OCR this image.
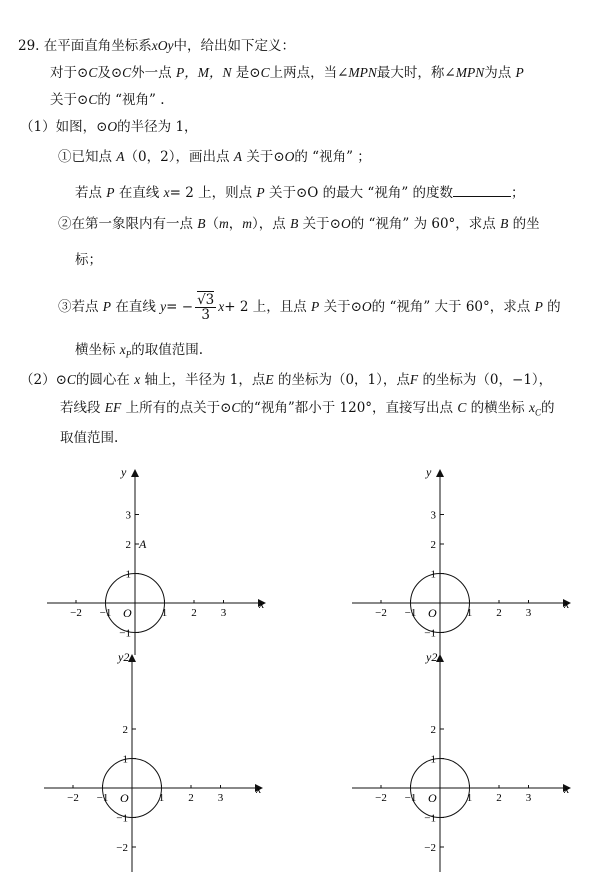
29. 在平面直角坐标系xOy中，给出如下定义：
对于⊙C及⊙C外一点 P，M，N 是⊙C上两点，当∠MPN最大时，称∠MPN为点 P
关于⊙C的 “视角” .
（1）如图，⊙O的半径为 1，
①已知点 A（0，2），画出点 A 关于⊙O的 “视角” ；
若点 P 在直线 x= 2 上，则点 P 关于⊙O 的最大 “视角” 的度数	；
②在第一象限内有一点 B（m，m），点 B 关于⊙O的 “视角” 为 60°，求点 B 的坐
标；
③若点 P 在直线 $y= - \frac{√3}{3} x+ 2$ 上，且点 P 关于⊙O的 “视角” 大于 60°，求点 P 的
横坐标 $x_P$的取值范围.
（2）⊙C的圆心在 x 轴上，半径为 1，点E 的坐标为（0，1），点F 的坐标为（0，−1），
若线段 EF 上所有的点关于⊙C的“视角”都小于 120°，直接写出点 C 的横坐标 $x_C$的
取值范围.
−2 −1	1 2 3
3
2
1
−1
x
y
O
A
−2 −1	1 2 3
3
2
1
−1
x
y
O
−2 −1	1 2 3
2
1
−1
−2
x
y2
O	−2 −1	1 2 3
2
1
−1
−2
x
y2
O
